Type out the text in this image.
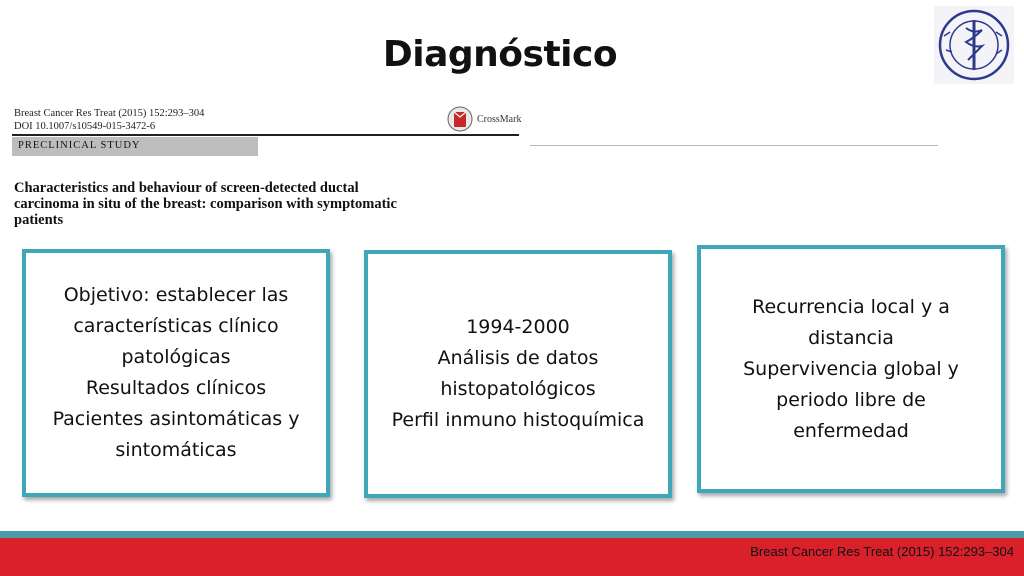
Diagnóstico
Breast Cancer Res Treat (2015) 152:293–304
DOI 10.1007/s10549-015-3472-6
CrossMark
PRECLINICAL STUDY
Characteristics and behaviour of screen-detected ductal
carcinoma in situ of the breast: comparison with symptomatic
patients
Objetivo: establecer las
características clínico
patológicas
Resultados clínicos
Pacientes asintomáticas y
sintomáticas
1994-2000
Análisis de datos
histopatológicos
Perfil inmuno histoquímica
Recurrencia local y a
distancia
Supervivencia global y
periodo libre de
enfermedad
Breast Cancer Res Treat (2015) 152:293–304
